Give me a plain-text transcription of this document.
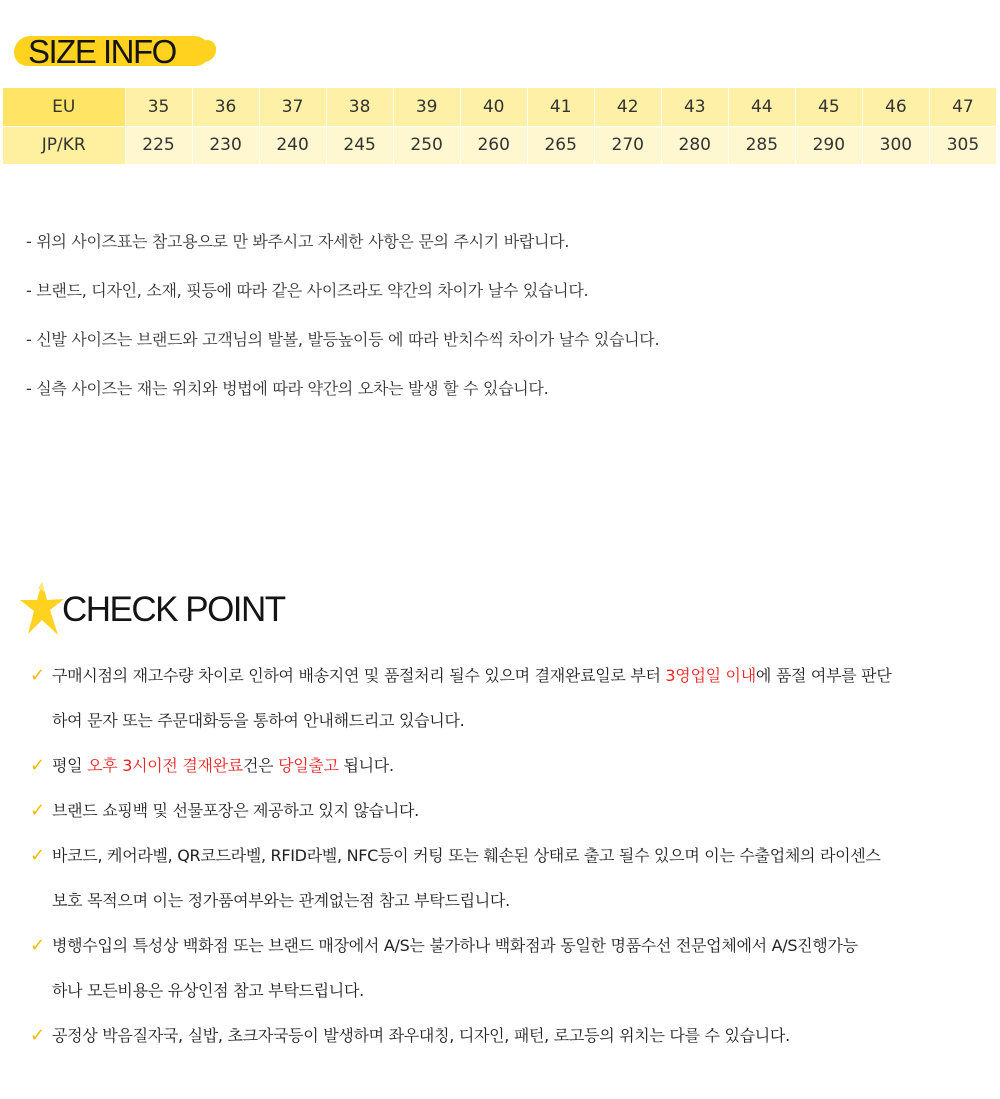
SIZE INFO
EU	35	36	37	38	39	40	41	42	43	44	45	46	47
JP/KR	225	230	240	245	250	260	265	270	280	285	290	300	305
- 위의 사이즈표는 참고용으로 만 봐주시고 자세한 사항은 문의 주시기 바랍니다.
- 브랜드, 디자인, 소재, 핏등에 따라 같은 사이즈라도 약간의 차이가 날수 있습니다.
- 신발 사이즈는 브랜드와 고객님의 발볼, 발등높이등 에 따라 반치수씩 차이가 날수 있습니다.
- 실측 사이즈는 재는 위치와 벙법에 따라 약간의 오차는 발생 할 수 있습니다.
CHECK POINT
✓ 구매시점의 재고수량 차이로 인하여 배송지연 및 품절처리 될수 있으며 결재완료일로 부터 3영업일 이내에 품절 여부를 판단
하여 문자 또는 주문대화등을 통하여 안내해드리고 있습니다.
✓ 평일 오후 3시이전 결재완료건은 당일출고 됩니다.
✓ 브랜드 쇼핑백 및 선물포장은 제공하고 있지 않습니다.
✓ 바코드, 케어라벨, QR코드라벨, RFID라벨, NFC등이 커팅 또는 훼손된 상태로 출고 될수 있으며 이는 수출업체의 라이센스
보호 목적으며 이는 정가품여부와는 관계없는점 참고 부탁드립니다.
✓ 병행수입의 특성상 백화점 또는 브랜드 매장에서 A/S는 불가하나 백화점과 동일한 명품수선 전문업체에서 A/S진행가능
하나 모든비용은 유상인점 참고 부탁드립니다.
✓ 공정상 박음질자국, 실밥, 초크자국등이 발생하며 좌우대칭, 디자인, 패턴, 로고등의 위치는 다를 수 있습니다.
